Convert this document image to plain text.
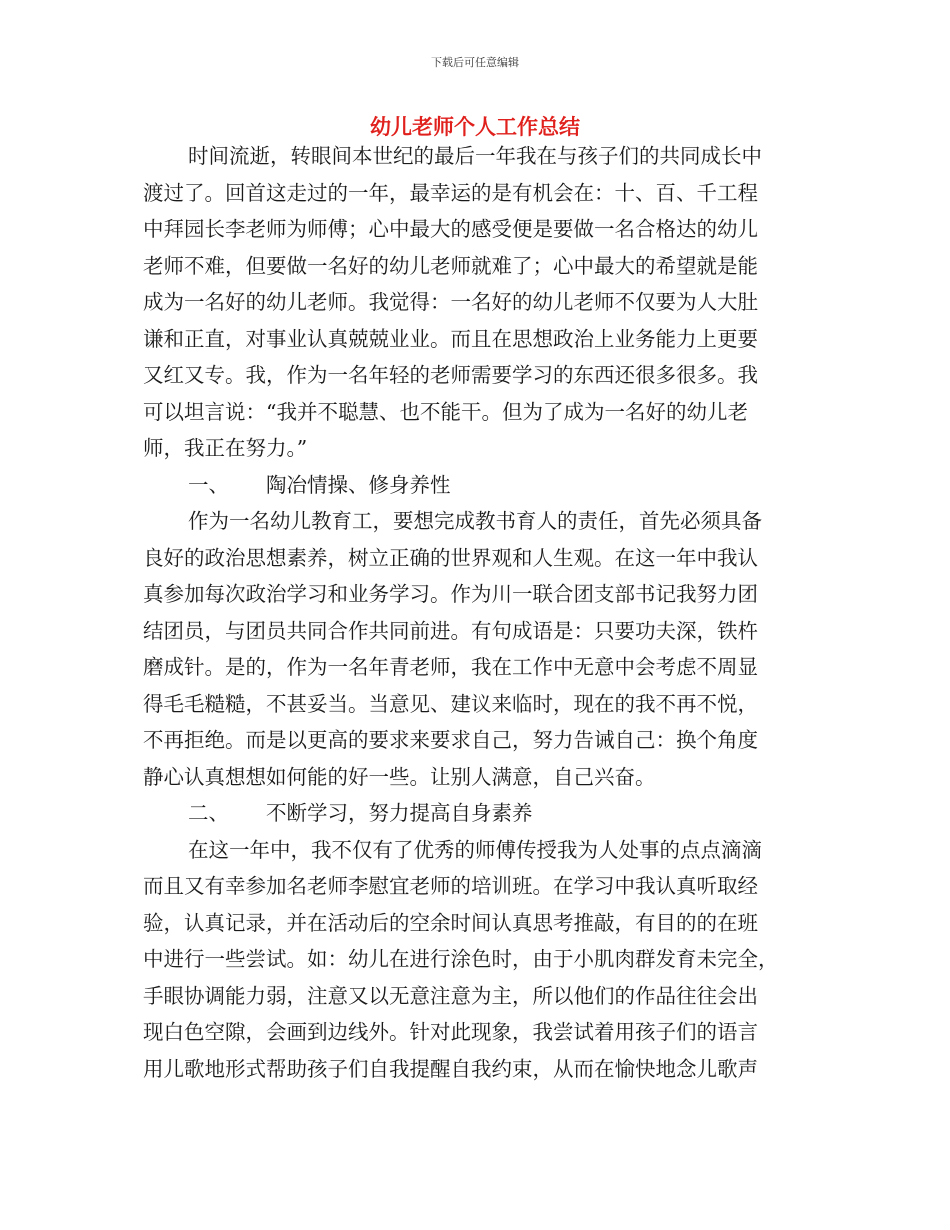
下载后可任意编辑
幼儿老师个人工作总结
时间流逝，转眼间本世纪的最后一年我在与孩子们的共同成长中
渡过了。回首这走过的一年，最幸运的是有机会在：十、百、千工程
中拜园长李老师为师傅；心中最大的感受便是要做一名合格达的幼儿
老师不难，但要做一名好的幼儿老师就难了；心中最大的希望就是能
成为一名好的幼儿老师。我觉得：一名好的幼儿老师不仅要为人大肚
谦和正直，对事业认真兢兢业业。而且在思想政治上业务能力上更要
又红又专。我，作为一名年轻的老师需要学习的东西还很多很多。我
可以坦言说：“我并不聪慧、也不能干。但为了成为一名好的幼儿老
师，我正在努力。”
一、 陶冶情操、修身养性
作为一名幼儿教育工，要想完成教书育人的责任，首先必须具备
良好的政治思想素养，树立正确的世界观和人生观。在这一年中我认
真参加每次政治学习和业务学习。作为川一联合团支部书记我努力团
结团员，与团员共同合作共同前进。有句成语是：只要功夫深，铁杵
磨成针。是的，作为一名年青老师，我在工作中无意中会考虑不周显
得毛毛糙糙，不甚妥当。当意见、建议来临时，现在的我不再不悦，
不再拒绝。而是以更高的要求来要求自己，努力告诫自己：换个角度
静心认真想想如何能的好一些。让别人满意，自己兴奋。
二、 不断学习，努力提高自身素养
在这一年中，我不仅有了优秀的师傅传授我为人处事的点点滴滴
而且又有幸参加名老师李慰宜老师的培训班。在学习中我认真听取经
验，认真记录，并在活动后的空余时间认真思考推敲，有目的的在班
中进行一些尝试。如：幼儿在进行涂色时，由于小肌肉群发育未完全，
手眼协调能力弱，注意又以无意注意为主，所以他们的作品往往会出
现白色空隙，会画到边线外。针对此现象，我尝试着用孩子们的语言
用儿歌地形式帮助孩子们自我提醒自我约束，从而在愉快地念儿歌声
